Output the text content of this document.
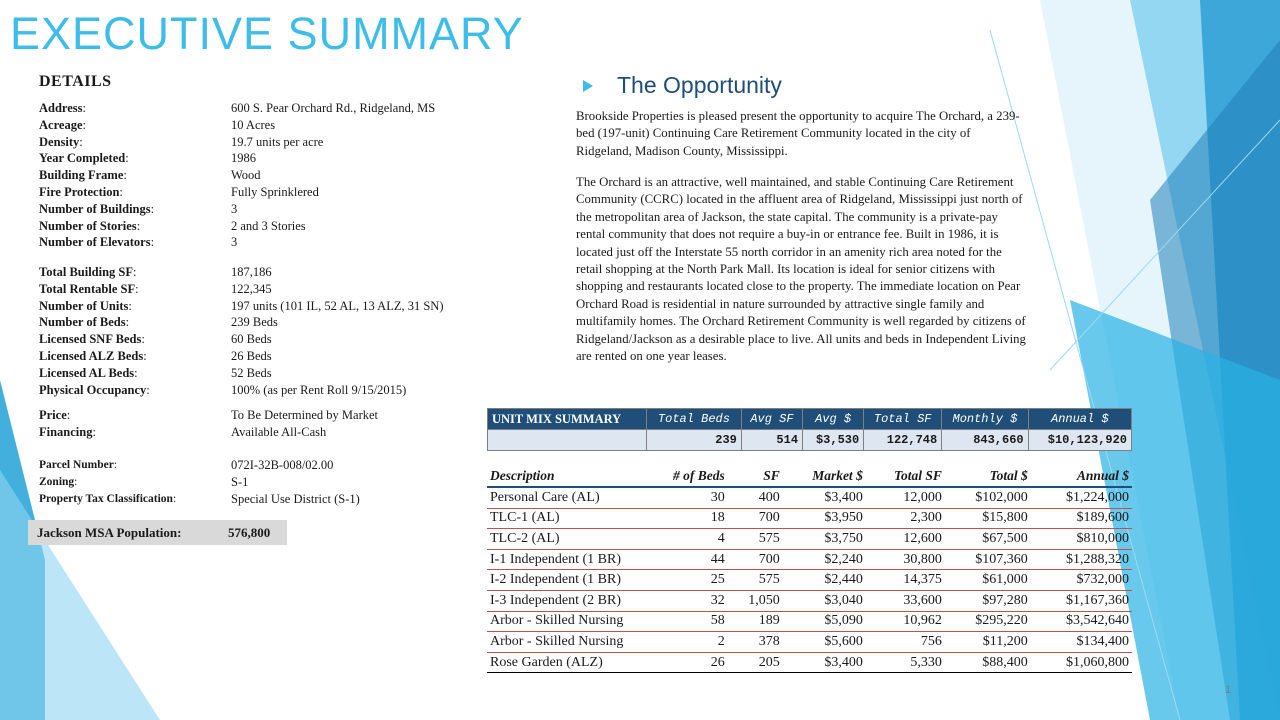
EXECUTIVE SUMMARY
DETAILS
Address:	600 S. Pear Orchard Rd., Ridgeland, MS
Acreage:	10 Acres
Density:	19.7 units per acre
Year Completed:	1986
Building Frame:	Wood
Fire Protection:	Fully Sprinklered
Number of Buildings:	3
Number of Stories:	2 and 3 Stories
Number of Elevators:	3
Total Building SF:	187,186
Total Rentable SF:	122,345
Number of Units:	197 units (101 IL, 52 AL, 13 ALZ, 31 SN)
Number of Beds:	239 Beds
Licensed SNF Beds:	60 Beds
Licensed ALZ Beds:	26 Beds
Licensed AL Beds:	52 Beds
Physical Occupancy:	100% (as per Rent Roll 9/15/2015)
Price:	To Be Determined by Market
Financing:	Available All-Cash
Parcel Number:	072I-32B-008/02.00
Zoning:	S-1
Property Tax Classification:	Special Use District (S-1)
Jackson MSA Population:	576,800
The Opportunity
Brookside Properties is pleased present the opportunity to acquire The Orchard, a 239-bed (197-unit) Continuing Care Retirement Community located in the city of Ridgeland, Madison County, Mississippi.
The Orchard is an attractive, well maintained, and stable Continuing Care Retirement Community (CCRC) located in the affluent area of Ridgeland, Mississippi just north of the metropolitan area of Jackson, the state capital. The community is a private-pay rental community that does not require a buy-in or entrance fee. Built in 1986, it is located just off the Interstate 55 north corridor in an amenity rich area noted for the retail shopping at the North Park Mall. Its location is ideal for senior citizens with shopping and restaurants located close to the property. The immediate location on Pear Orchard Road is residential in nature surrounded by attractive single family and multifamily homes. The Orchard Retirement Community is well regarded by citizens of Ridgeland/Jackson as a desirable place to live. All units and beds in Independent Living are rented on one year leases.
UNIT MIX SUMMARY	Total Beds	Avg SF	Avg $	Total SF	Monthly $	Annual $
	239	514	$3,530	122,748	843,660	$10,123,920
Description	# of Beds	SF	Market $	Total SF	Total $	Annual $
Personal Care (AL)	30	400	$3,400	12,000	$102,000	$1,224,000
TLC-1 (AL)	18	700	$3,950	2,300	$15,800	$189,600
TLC-2 (AL)	4	575	$3,750	12,600	$67,500	$810,000
I-1 Independent (1 BR)	44	700	$2,240	30,800	$107,360	$1,288,320
I-2 Independent (1 BR)	25	575	$2,440	14,375	$61,000	$732,000
I-3 Independent (2 BR)	32	1,050	$3,040	33,600	$97,280	$1,167,360
Arbor - Skilled Nursing	58	189	$5,090	10,962	$295,220	$3,542,640
Arbor - Skilled Nursing	2	378	$5,600	756	$11,200	$134,400
Rose Garden (ALZ)	26	205	$3,400	5,330	$88,400	$1,060,800
1
